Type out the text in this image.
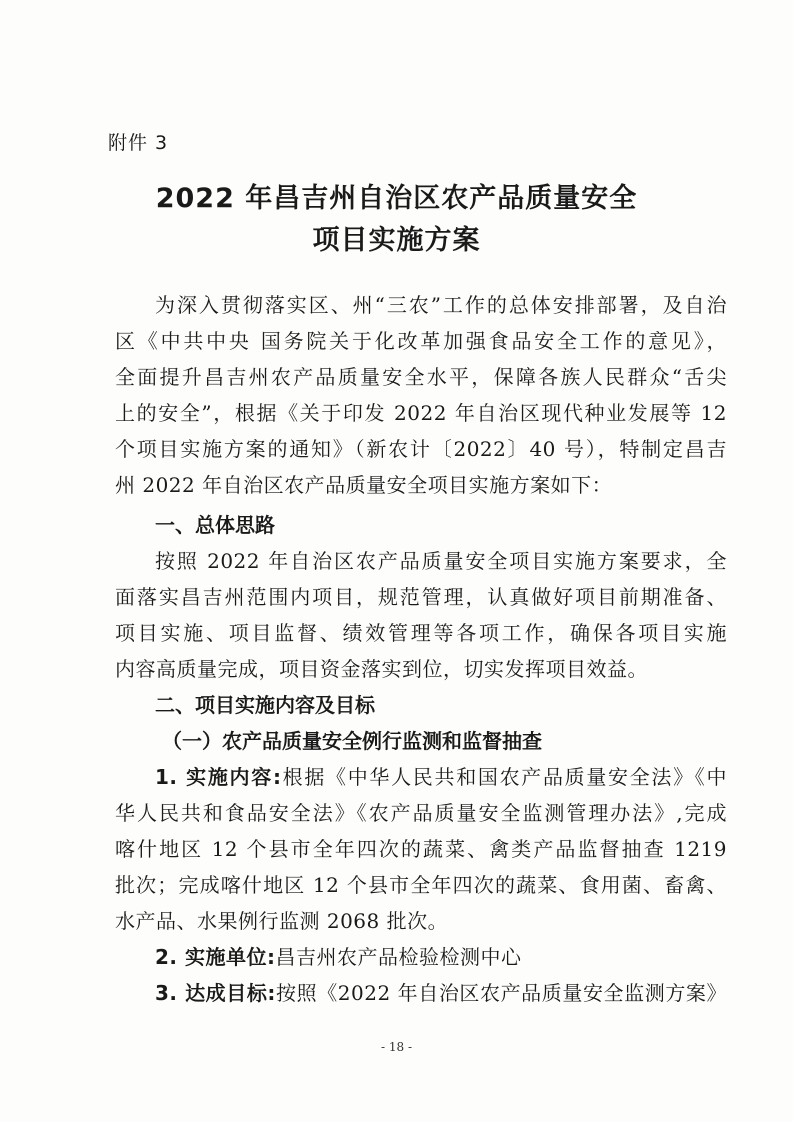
附件 3
2022 年昌吉州自治区农产品质量安全
项目实施方案
为深入贯彻落实区、州“三农”工作的总体安排部署，及自治
区《中共中央 国务院关于化改革加强食品安全工作的意见》，
全面提升昌吉州农产品质量安全水平，保障各族人民群众“舌尖
上的安全”，根据《关于印发 2022 年自治区现代种业发展等 12
个项目实施方案的通知》（新农计〔2022〕40 号），特制定昌吉
州 2022 年自治区农产品质量安全项目实施方案如下：
一、总体思路
按照 2022 年自治区农产品质量安全项目实施方案要求，全
面落实昌吉州范围内项目，规范管理，认真做好项目前期准备、
项目实施、项目监督、绩效管理等各项工作，确保各项目实施
内容高质量完成，项目资金落实到位，切实发挥项目效益。
二、项目实施内容及目标
（一）农产品质量安全例行监测和监督抽查
1. 实施内容:根据《中华人民共和国农产品质量安全法》《中
华人民共和食品安全法》《农产品质量安全监测管理办法》,完成
喀什地区 12 个县市全年四次的蔬菜、禽类产品监督抽查 1219
批次；完成喀什地区 12 个县市全年四次的蔬菜、食用菌、畜禽、
水产品、水果例行监测 2068 批次。
2. 实施单位:昌吉州农产品检验检测中心
3. 达成目标:按照《2022 年自治区农产品质量安全监测方案》
- 18 -
